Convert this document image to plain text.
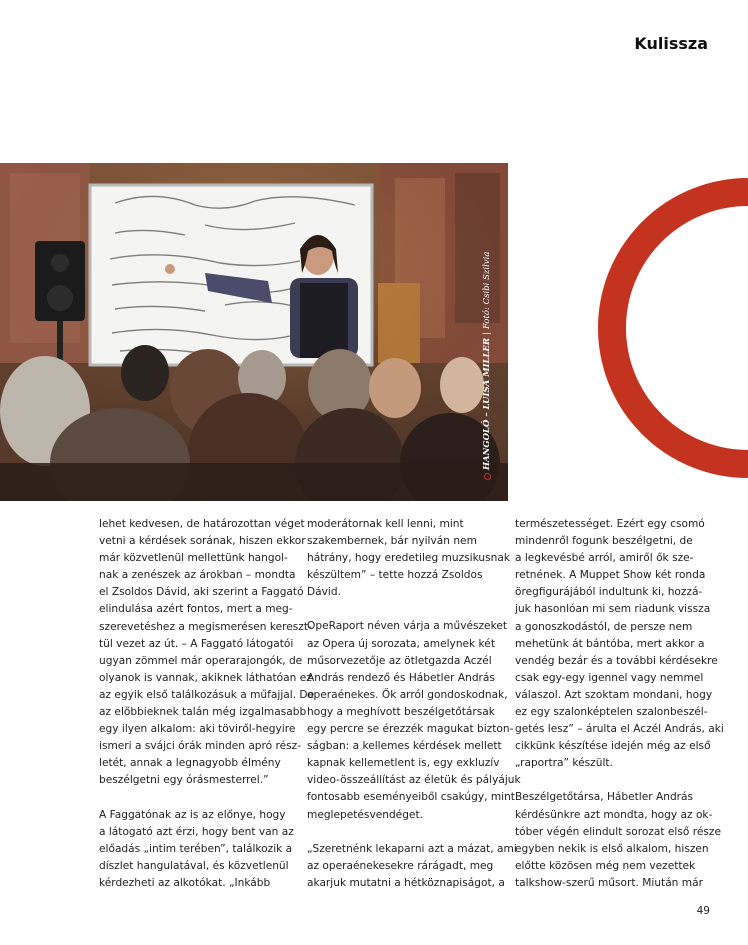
Kulissza
HANGOLÓ – LUISA MILLER
|
Fotó: Csibi Szilvia

lehet kedvesen, de határozottan véget
vetni a kérdések sorának, hiszen ekkor
már közvetlenül mellettünk hangol-
nak a zenészek az árokban – mondta
el Zsoldos Dávid, aki szerint a Faggató
elindulása azért fontos, mert a meg-
szerevetéshez a megismerésen kereszt-
tül vezet az út. – A Faggató látogatói
ugyan zömmel már operarajongók, de
olyanok is vannak, akiknek láthatóan ez
az egyik első találkozásuk a műfajjal. De
az előbbieknek talán még izgalmasabb
egy ilyen alkalom: aki töviről-hegyire
ismeri a svájci órák minden apró rész-
letét, annak a legnagyobb élmény
beszélgetni egy órásmesterrel.”

A Faggatónak az is az előnye, hogy
a látogató azt érzi, hogy bent van az
előadás „intim terében”, találkozik a
díszlet hangulatával, és közvetlenül
kérdezheti az alkotókat. „Inkább

moderátornak kell lenni, mint
szakembernek, bár nyilván nem
hátrány, hogy eredetileg muzsikusnak
készültem” – tette hozzá Zsoldos
Dávid.

OpeRaport néven várja a művészeket
az Opera új sorozata, amelynek két
műsorvezetője az ötletgazda Aczél
András rendező és Hábetler András
operaénekes. Ők arról gondoskodnak,
hogy a meghívott beszélgetőtársak
egy percre se érezzék magukat bizton-
ságban: a kellemes kérdések mellett
kapnak kellemetlent is, egy exkluzív
video-összeállítást az életük és pályájuk
fontosabb eseményeiből csakúgy, mint
meglepetésvendéget.

„Szeretnénk lekaparni azt a mázat, ami
az operaénekesekre rárágadt, meg
akarjuk mutatni a hétköznapiságot, a

természetességet. Ezért egy csomó
mindenről fogunk beszélgetni, de
a legkevésbé arról, amiről ők sze-
retnének. A Muppet Show két ronda
öregfigurájából indultunk ki, hozzá-
juk hasonlóan mi sem riadunk vissza
a gonoszkodástól, de persze nem
mehetünk át bántóba, mert akkor a
vendég bezár és a további kérdésekre
csak egy-egy igennel vagy nemmel
válaszol. Azt szoktam mondani, hogy
ez egy szalonképtelen szalonbeszél-
getés lesz” – árulta el Aczél András, aki
cikkünk készítése idején még az első
„raportra” készült.

Beszélgetőtársa, Hábetler András
kérdésünkre azt mondta, hogy az ok-
tóber végén elindult sorozat első része
egyben nekik is első alkalom, hiszen
előtte közösen még nem vezettek
talkshow-szerű műsort. Miután már

49
